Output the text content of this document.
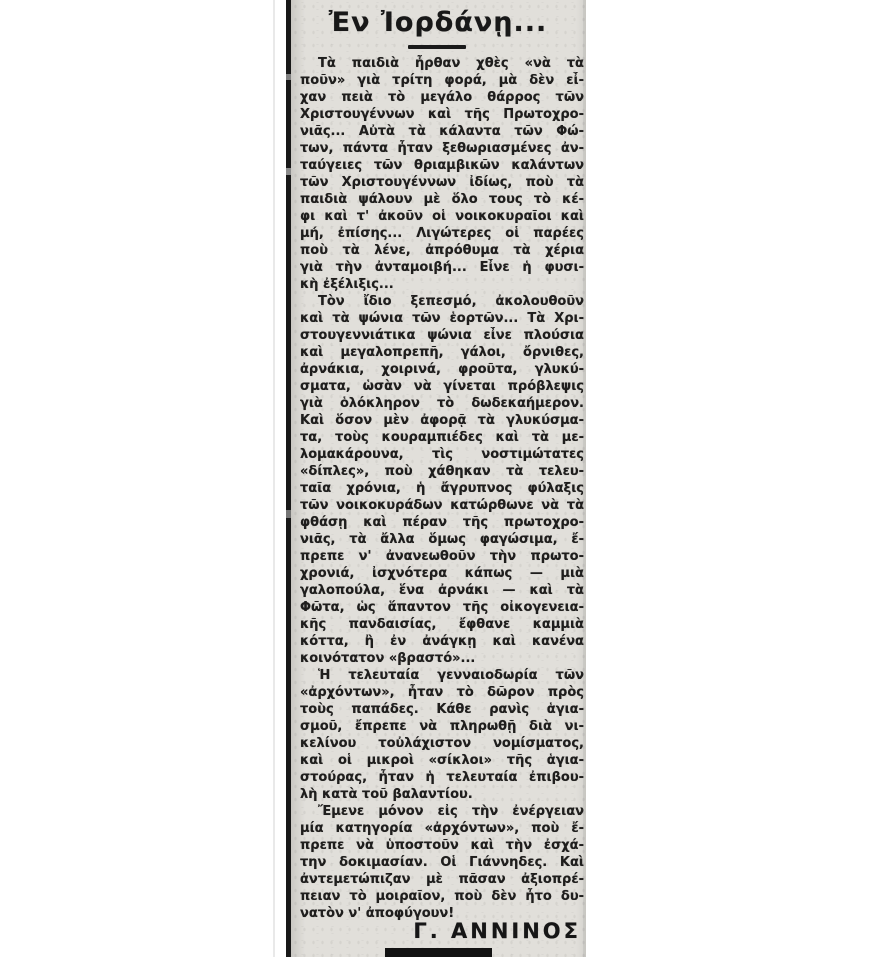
Ἐν Ἰορδάνῃ...
Τὰ παιδιὰ ἦρθαν χθὲς «νὰ τὰ
ποῦν» γιὰ τρίτη φορά, μὰ δὲν εἶ-
χαν πειὰ τὸ μεγάλο θάρρος τῶν
Χριστουγέννων καὶ τῆς Πρωτοχρο-
νιᾶς... Αὐτὰ τὰ κάλαντα τῶν Φώ-
των, πάντα ἦταν ξεθωριασμένες ἀν-
ταύγειες τῶν θριαμβικῶν καλάντων
τῶν Χριστουγέννων ἰδίως, ποὺ τὰ
παιδιὰ ψάλουν μὲ ὅλο τους τὸ κέ-
φι καὶ τ' ἀκοῦν οἱ νοικοκυραῖοι καὶ
μή, ἐπίσης... Λιγώτερες οἱ παρέες
ποὺ τὰ λένε, ἀπρόθυμα τὰ χέρια
γιὰ τὴν ἀνταμοιβή... Εἶνε ἡ φυσι-
κὴ ἐξέλιξις...
Τὸν ἴδιο ξεπεσμό, ἀκολουθοῦν
καὶ τὰ ψώνια τῶν ἑορτῶν... Τὰ Χρι-
στουγεννιάτικα ψώνια εἶνε πλούσια
καὶ μεγαλοπρεπῆ, γάλοι, ὄρνιθες,
ἀρνάκια, χοιρινά, φροῦτα, γλυκύ-
σματα, ὡσὰν νὰ γίνεται πρόβλεψις
γιὰ ὁλόκληρον τὸ δωδεκαήμερον.
Καὶ ὅσον μὲν ἀφορᾷ τὰ γλυκύσμα-
τα, τοὺς κουραμπιέδες καὶ τὰ με-
λομακάρουνα, τὶς νοστιμώτατες
«δίπλες», ποὺ χάθηκαν τὰ τελευ-
ταῖα χρόνια, ἡ ἄγρυπνος φύλαξις
τῶν νοικοκυράδων κατώρθωνε νὰ τὰ
φθάσῃ καὶ πέραν τῆς πρωτοχρο-
νιᾶς, τὰ ἄλλα ὅμως φαγώσιμα, ἔ-
πρεπε ν' ἀνανεωθοῦν τὴν πρωτο-
χρονιά, ἰσχνότερα κάπως — μιὰ
γαλοπούλα, ἕνα ἀρνάκι — καὶ τὰ
Φῶτα, ὡς ἅπαντον τῆς οἰκογενεια-
κῆς πανδαισίας, ἔφθανε καμμιὰ
κόττα, ἢ ἐν ἀνάγκῃ καὶ κανένα
κοινότατον «βραστό»...
Ἡ τελευταία γενναιοδωρία τῶν
«ἀρχόντων», ἦταν τὸ δῶρον πρὸς
τοὺς παπάδες. Κάθε ρανὶς ἁγια-
σμοῦ, ἔπρεπε νὰ πληρωθῇ διὰ νι-
κελίνου τοὐλάχιστον νομίσματος,
καὶ οἱ μικροὶ «σίκλοι» τῆς ἁγια-
στούρας, ἦταν ἡ τελευταία ἐπιβου-
λὴ κατὰ τοῦ βαλαντίου.
Ἔμενε μόνον εἰς τὴν ἐνέργειαν
μία κατηγορία «ἀρχόντων», ποὺ ἔ-
πρεπε νὰ ὑποστοῦν καὶ τὴν ἐσχά-
την δοκιμασίαν. Οἱ Γιάννηδες. Καὶ
ἀντεμετώπιζαν μὲ πᾶσαν ἀξιοπρέ-
πειαν τὸ μοιραῖον, ποὺ δὲν ἦτο δυ-
νατὸν ν' ἀποφύγουν!
Γ. ΑΝΝΙΝΟΣ
